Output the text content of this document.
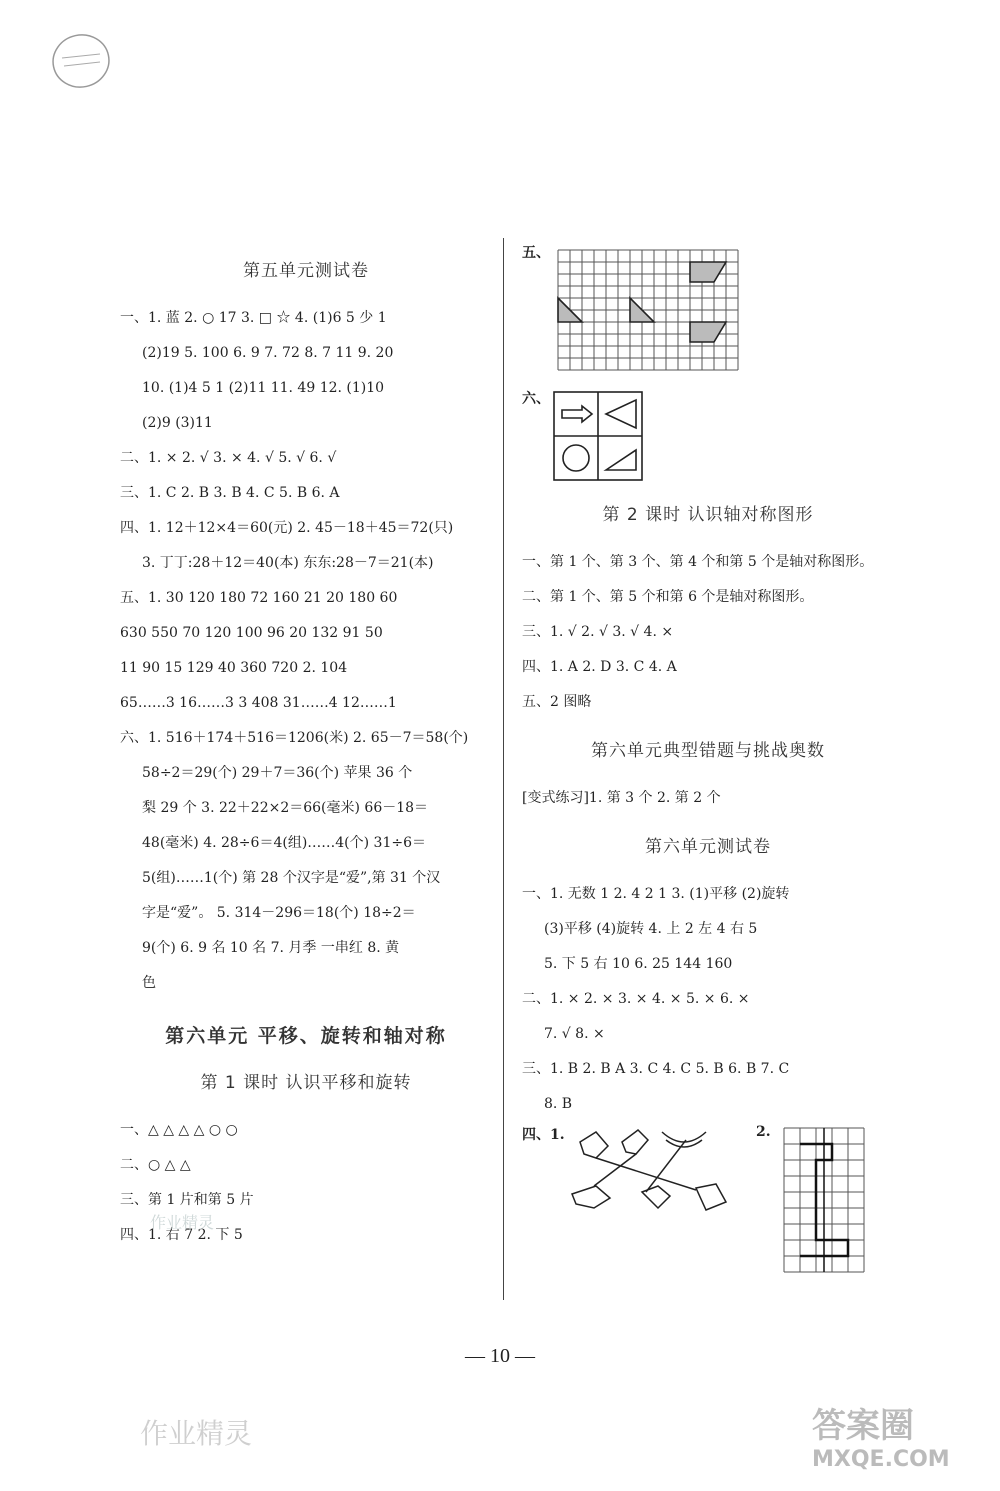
第五单元测试卷
一、1. 蓝 2. ○ 17 3. □ ☆ 4. (1)6 5 少 1
(2)19 5. 100 6. 9 7. 72 8. 7 11 9. 20
10. (1)4 5 1 (2)11 11. 49 12. (1)10
(2)9 (3)11
二、1. × 2. √ 3. × 4. √ 5. √ 6. √
三、1. C 2. B 3. B 4. C 5. B 6. A
四、1. 12＋12×4＝60(元) 2. 45－18＋45＝72(只)
3. 丁丁:28＋12＝40(本) 东东:28－7＝21(本)
五、1. 30 120 180 72 160 21 20 180 60
630 550 70 120 100 96 20 132 91 50
11 90 15 129 40 360 720 2. 104
65……3 16……3 3 408 31……4 12……1
六、1. 516＋174＋516＝1206(米) 2. 65－7＝58(个)
58÷2＝29(个) 29＋7＝36(个) 苹果 36 个
梨 29 个 3. 22＋22×2＝66(毫米) 66－18＝
48(毫米) 4. 28÷6＝4(组)……4(个) 31÷6＝
5(组)……1(个) 第 28 个汉字是“爱”,第 31 个汉
字是“爱”。 5. 314－296＝18(个) 18÷2＝
9(个) 6. 9 名 10 名 7. 月季 一串红 8. 黄
色
第六单元 平移、旋转和轴对称
第 1 课时 认识平移和旋转
一、△ △ △ △ ○ ○
二、○ △ △
三、第 1 片和第 5 片
四、1. 右 7 2. 下 5
五、
六、
第 2 课时 认识轴对称图形
一、第 1 个、第 3 个、第 4 个和第 5 个是轴对称图形。
二、第 1 个、第 5 个和第 6 个是轴对称图形。
三、1. √ 2. √ 3. √ 4. ×
四、1. A 2. D 3. C 4. A
五、2 图略
第六单元典型错题与挑战奥数
[变式练习]1. 第 3 个 2. 第 2 个
第六单元测试卷
一、1. 无数 1 2. 4 2 1 3. (1)平移 (2)旋转
(3)平移 (4)旋转 4. 上 2 左 4 右 5
5. 下 5 右 10 6. 25 144 160
二、1. × 2. × 3. × 4. × 5. × 6. ×
7. √ 8. ×
三、1. B 2. B A 3. C 4. C 5. B 6. B 7. C
8. B
四、1.	2.
作业精灵
— 10 —
作业精灵	答案圈
MXQE.COM
